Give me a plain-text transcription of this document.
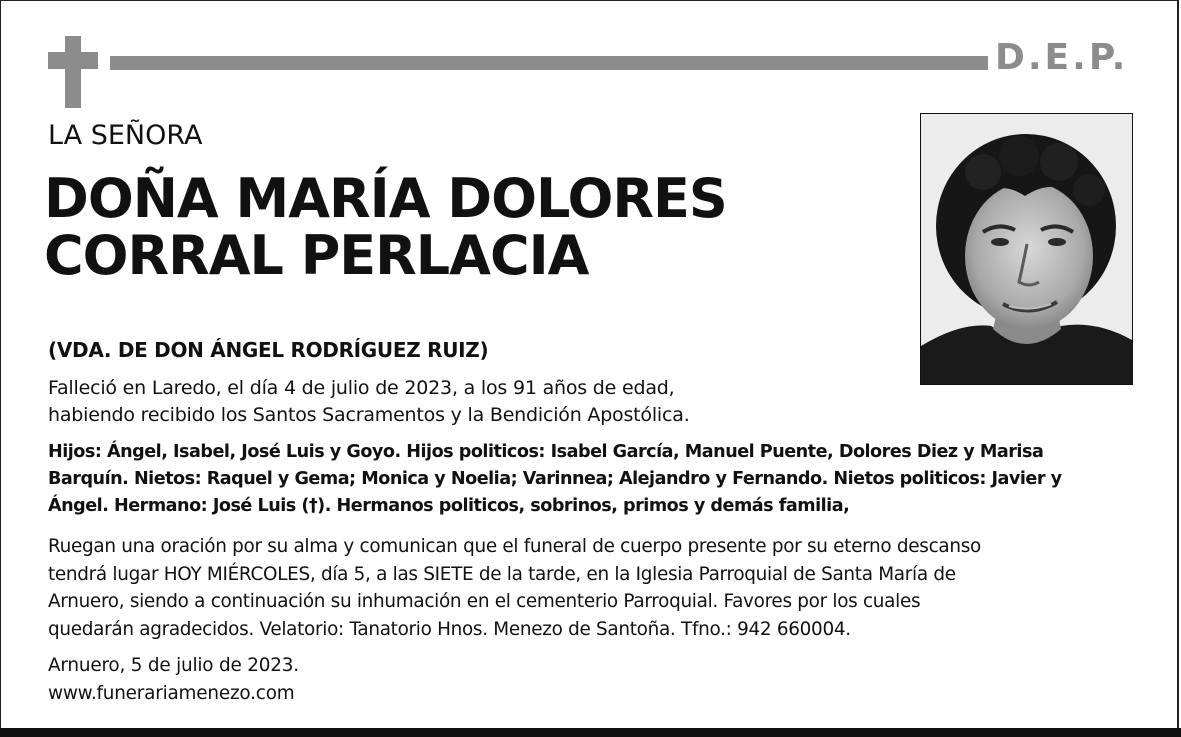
D.E.P.
LA SEÑORA
DOÑA MARÍA DOLORES
CORRAL PERLACIA
(VDA. DE DON ÁNGEL RODRÍGUEZ RUIZ)
Falleció en Laredo, el día 4 de julio de 2023, a los 91 años de edad,
habiendo recibido los Santos Sacramentos y la Bendición Apostólica.
Hijos: Ángel, Isabel, José Luis y Goyo. Hijos politicos: Isabel García, Manuel Puente, Dolores Diez y Marisa
Barquín. Nietos: Raquel y Gema; Monica y Noelia; Varinnea; Alejandro y Fernando. Nietos politicos: Javier y
Ángel. Hermano: José Luis (†). Hermanos politicos, sobrinos, primos y demás familia,
Ruegan una oración por su alma y comunican que el funeral de cuerpo presente por su eterno descanso
tendrá lugar HOY MIÉRCOLES, día 5, a las SIETE de la tarde, en la Iglesia Parroquial de Santa María de
Arnuero, siendo a continuación su inhumación en el cementerio Parroquial. Favores por los cuales
quedarán agradecidos. Velatorio: Tanatorio Hnos. Menezo de Santoña. Tfno.: 942 660004.
Arnuero, 5 de julio de 2023.
www.funerariamenezo.com
